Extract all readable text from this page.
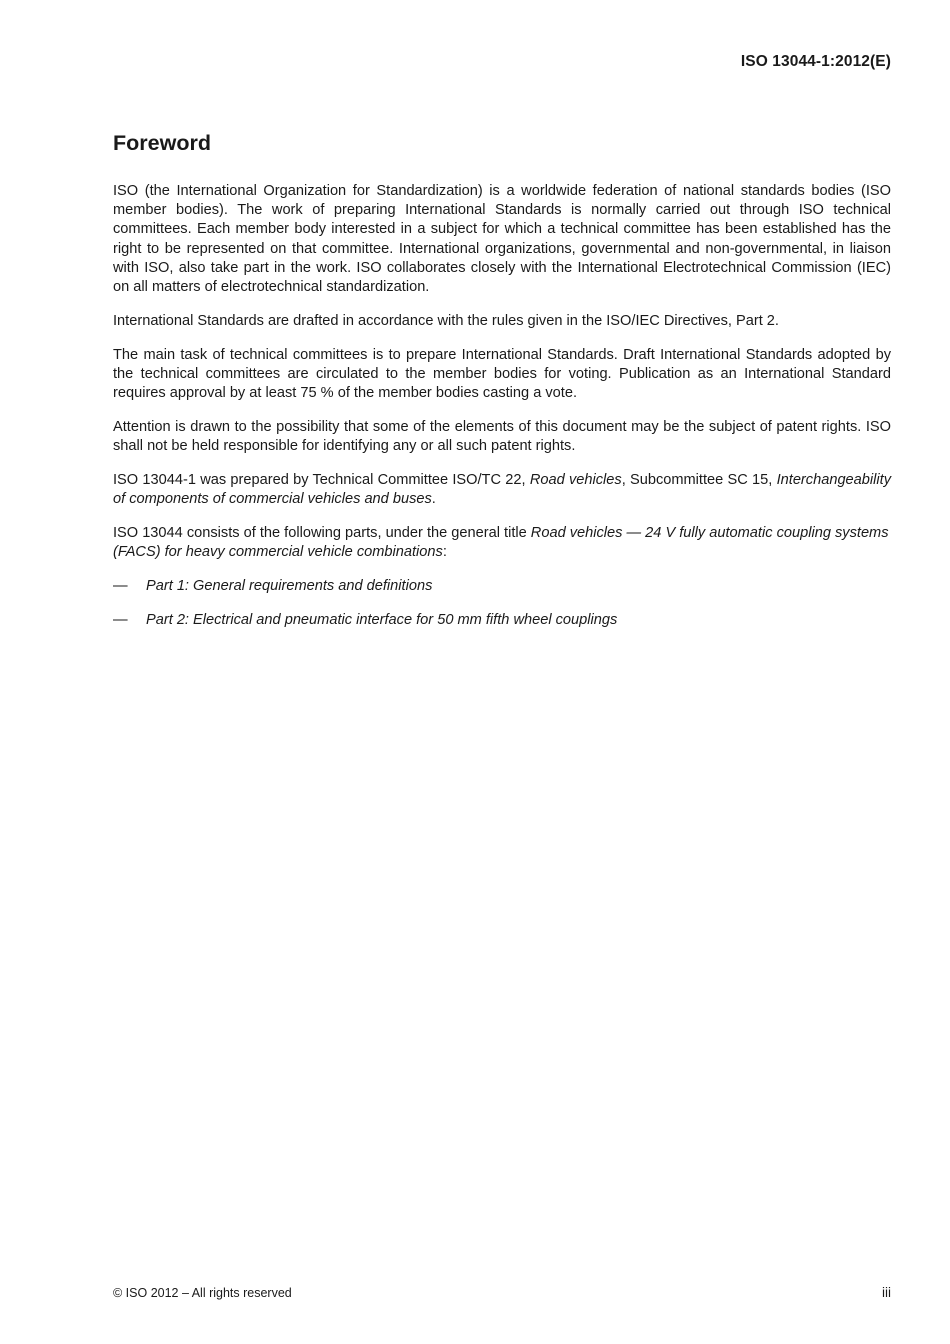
ISO 13044-1:2012(E)
Foreword

ISO (the International Organization for Standardization) is a worldwide federation of national standards bodies (ISO member bodies). The work of preparing International Standards is normally carried out through ISO technical committees. Each member body interested in a subject for which a technical committee has been established has the right to be represented on that committee. International organizations, governmental and non-governmental, in liaison with ISO, also take part in the work. ISO collaborates closely with the International Electrotechnical Commission (IEC) on all matters of electrotechnical standardization.

International Standards are drafted in accordance with the rules given in the ISO/IEC Directives, Part 2.

The main task of technical committees is to prepare International Standards. Draft International Standards adopted by the technical committees are circulated to the member bodies for voting. Publication as an International Standard requires approval by at least 75 % of the member bodies casting a vote.

Attention is drawn to the possibility that some of the elements of this document may be the subject of patent rights. ISO shall not be held responsible for identifying any or all such patent rights.

ISO 13044-1 was prepared by Technical Committee ISO/TC 22, Road vehicles, Subcommittee SC 15, Interchangeability of components of commercial vehicles and buses.

ISO 13044 consists of the following parts, under the general title Road vehicles — 24 V fully automatic coupling systems (FACS) for heavy commercial vehicle combinations:

—	Part 1: General requirements and definitions
—	Part 2: Electrical and pneumatic interface for 50 mm fifth wheel couplings
© ISO 2012 – All rights reserved	iii
